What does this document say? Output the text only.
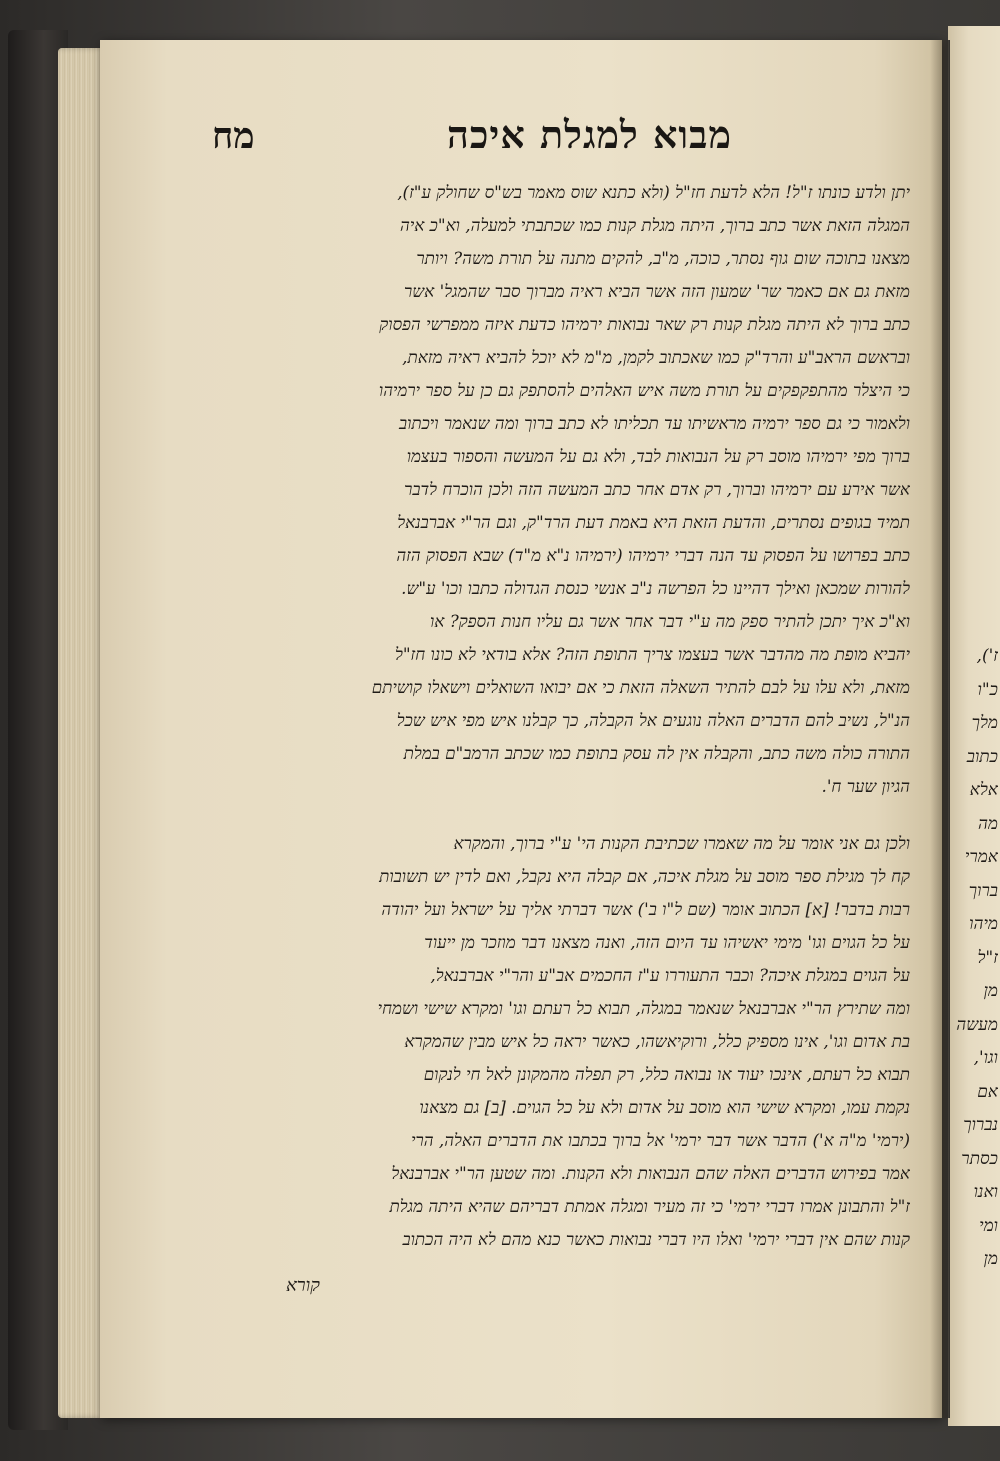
מבוא למגלת איכה
מח
יתן ולדע כונתו ז"ל! הלא לדעת חז"ל (ולא כתנא שוס מאמר בש"ס שחולק ע"ז),
המגלה הזאת אשר כתב ברוך, היתה מגלת קנות כמו שכתבתי למעלה, וא"כ איה
מצאנו בתוכה שום גוף נסתר, כוכה, מ"ב, להקים מתנה על תורת משה? ויותר
מזאת גם אם כאמר שר' שמעון הזה אשר הביא ראיה מברוך סבר שהמגל' אשר
כתב ברוך לא היתה מגלת קנות רק שאר נבואות ירמיהו כדעת איזה ממפרשי הפסוק
ובראשם הראב"ע והרד"ק כמו שאכתוב לקמן, מ"מ לא יוכל להביא ראיה מזאת,
כי היצלר מהתפקפקים על תורת משה איש האלהים להסתפק גם כן על ספר ירמיהו
ולאמור כי גם ספר ירמיה מראשיתו עד תכליתו לא כתב ברוך ומה שנאמר ויכתוב
ברוך מפי ירמיהו מוסב רק על הנבואות לבד, ולא גם על המעשה והספור בעצמו
אשר אירע עם ירמיהו וברוך, רק אדם אחר כתב המעשה הזה ולכן הוכרח לדבר
תמיד בגופים נסתרים, והדעת הזאת היא באמת דעת הרד"ק, וגם הר"י אברבנאל
כתב בפרושו על הפסוק עד הנה דברי ירמיהו (ירמיהו נ"א מ"ד) שבא הפסוק הזה
להורות שמכאן ואילך דהיינו כל הפרשה נ"ב אנשי כנסת הגדולה כתבו וכו' ע"ש.
וא"כ איך יתכן להתיר ספק מה ע"י דבר אחר אשר גם עליו חנות הספק? או
יהביא מופת מה מהדבר אשר בעצמו צריך התופת הזה? אלא בודאי לא כונו חז"ל
מזאת, ולא עלו על לבם להתיר השאלה הזאת כי אם יבואו השואלים וישאלו קושיתם
הנ"ל, נשיב להם הדברים האלה נוגעים אל הקבלה, כך קבלנו איש מפי איש שכל
התורה כולה משה כתב, והקבלה אין לה עסק בתופת כמו שכתב הרמב"ם במלת
הגיון שער ח'.
ולכן גם אני אומר על מה שאמרו שכתיבת הקנות הי' ע"י ברוך, והמקרא
קח לך מגילת ספר מוסב על מגלת איכה, אם קבלה היא נקבל, ואם לדין יש תשובות
רבות בדבר! [א] הכתוב אומר (שם ל"ו ב') אשר דברתי אליך על ישראל ועל יהודה
על כל הגוים וגו' מימי יאשיהו עד היום הזה, ואנה מצאנו דבר מוזכר מן ייעוד
על הגוים במגלת איכה? וכבר התעוררו ע"ז החכמים אב"ע והר"י אברבנאל,
ומה שתירץ הר"י אברבנאל שנאמר במגלה, תבוא כל רעתם וגו' ומקרא שישי ושמחי
בת אדום וגו', אינו מספיק כלל, ורוקיאשהו, כאשר יראה כל איש מבין שהמקרא
תבוא כל רעתם, אינכו יעוד או נבואה כלל, רק תפלה מהמקונן לאל חי לנקום
נקמת עמו, ומקרא שישי הוא מוסב על אדום ולא על כל הגוים. [ב] גם מצאנו
(ירמי' מ"ה א') הדבר אשר דבר ירמי' אל ברוך בכתבו את הדברים האלה, הרי
אמר בפירוש הדברים האלה שהם הנבואות ולא הקנות. ומה שטען הר"י אברבנאל
ז"ל והתבונן אמרו דברי ירמי' כי זה מעיר ומגלה אמתת דבריהם שהיא היתה מגלת
קנות שהם אין דברי ירמי' ואלו היו דברי נבואות כאשר כנא מהם לא היה הכתוב
קורא
ז'),
כ"ו
מלך
כתוב
אלא
מה
אמרי
ברוך
מיהו
ז"ל
מן
מעשה
וגו',
אם
נברוך
כסתר
ואנו
ומי
מן
